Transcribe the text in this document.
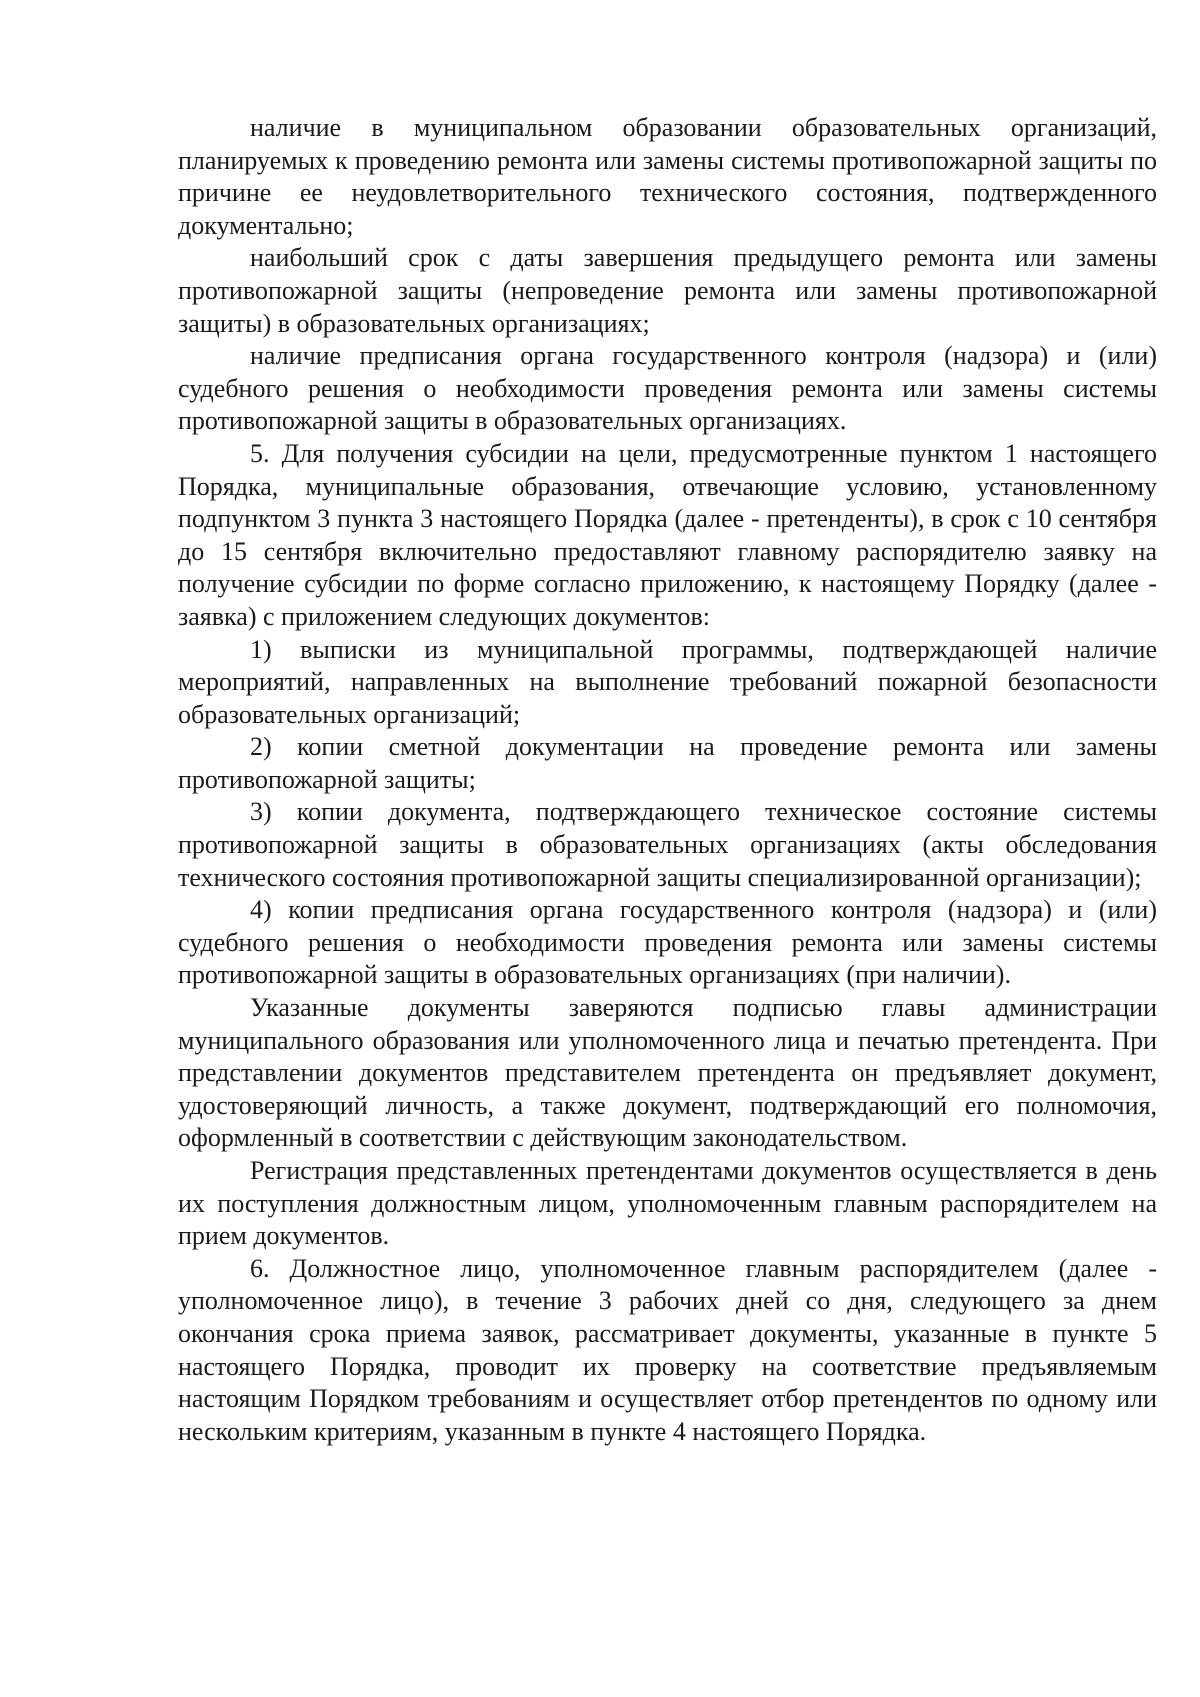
наличие в муниципальном образовании образовательных организаций, планируемых к проведению ремонта или замены системы противопожарной защиты по причине ее неудовлетворительного технического состояния, подтвержденного документально;

наибольший срок с даты завершения предыдущего ремонта или замены противопожарной защиты (непроведение ремонта или замены противопожарной защиты) в образовательных организациях;

наличие предписания органа государственного контроля (надзора) и (или) судебного решения о необходимости проведения ремонта или замены системы противопожарной защиты в образовательных организациях.

5. Для получения субсидии на цели, предусмотренные пунктом 1 настоящего Порядка, муниципальные образования, отвечающие условию, установленному подпунктом 3 пункта 3 настоящего Порядка (далее - претенденты), в срок с 10 сентября до 15 сентября включительно предоставляют главному распорядителю заявку на получение субсидии по форме согласно приложению, к настоящему Порядку (далее - заявка) с приложением следующих документов:

1) выписки из муниципальной программы, подтверждающей наличие мероприятий, направленных на выполнение требований пожарной безопасности образовательных организаций;

2) копии сметной документации на проведение ремонта или замены противопожарной защиты;

3) копии документа, подтверждающего техническое состояние системы противопожарной защиты в образовательных организациях (акты обследования технического состояния противопожарной защиты специализированной организации);

4) копии предписания органа государственного контроля (надзора) и (или) судебного решения о необходимости проведения ремонта или замены системы противопожарной защиты в образовательных организациях (при наличии).

Указанные документы заверяются подписью главы администрации муниципального образования или уполномоченного лица и печатью претендента. При представлении документов представителем претендента он предъявляет документ, удостоверяющий личность, а также документ, подтверждающий его полномочия, оформленный в соответствии с действующим законодательством.

Регистрация представленных претендентами документов осуществляется в день их поступления должностным лицом, уполномоченным главным распорядителем на прием документов.

6. Должностное лицо, уполномоченное главным распорядителем (далее - уполномоченное лицо), в течение 3 рабочих дней со дня, следующего за днем окончания срока приема заявок, рассматривает документы, указанные в пункте 5 настоящего Порядка, проводит их проверку на соответствие предъявляемым настоящим Порядком требованиям и осуществляет отбор претендентов по одному или нескольким критериям, указанным в пункте 4 настоящего Порядка.
